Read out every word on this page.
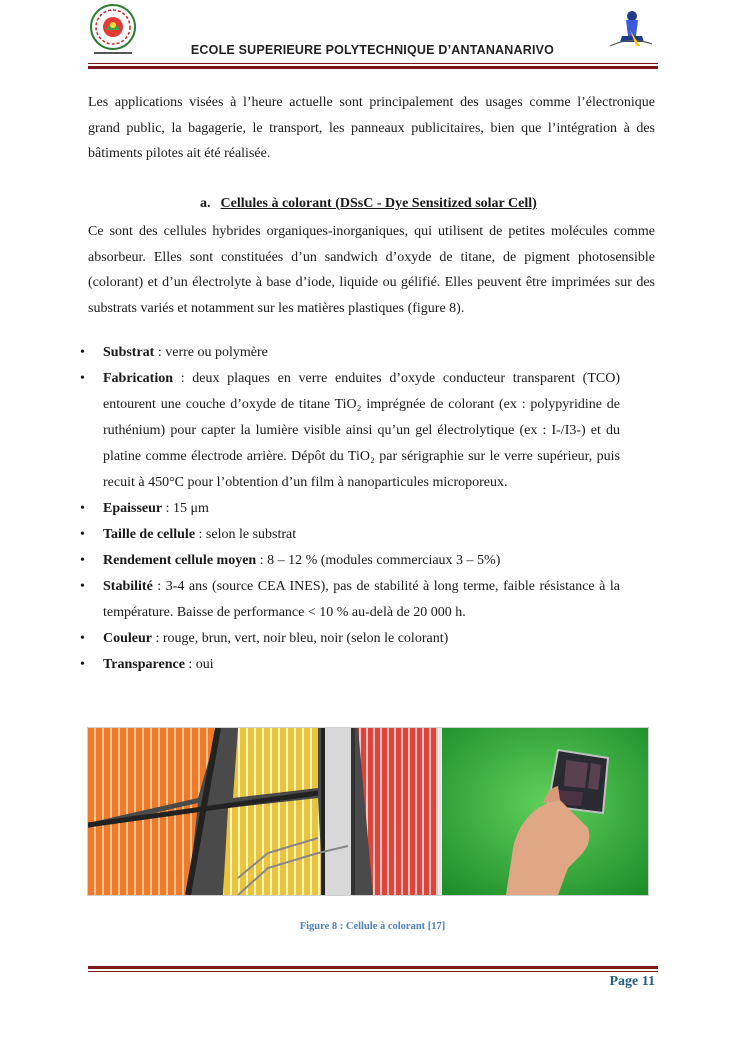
ECOLE SUPERIEURE POLYTECHNIQUE D’ANTANANARIVO

Les applications visées à l’heure actuelle sont principalement des usages comme l’électronique grand public, la bagagerie, le transport, les panneaux publicitaires, bien que l’intégration à des bâtiments pilotes ait été réalisée.

a. Cellules à colorant (DSsC - Dye Sensitized solar Cell)

Ce sont des cellules hybrides organiques-inorganiques, qui utilisent de petites molécules comme absorbeur. Elles sont constituées d’un sandwich d’oxyde de titane, de pigment photosensible (colorant) et d’un électrolyte à base d’iode, liquide ou gélifié. Elles peuvent être imprimées sur des substrats variés et notamment sur les matières plastiques (figure 8).

• Substrat : verre ou polymère
• Fabrication : deux plaques en verre enduites d’oxyde conducteur transparent (TCO) entourent une couche d’oxyde de titane TiO₂ imprégnée de colorant (ex : polypyridine de ruthénium) pour capter la lumière visible ainsi qu’un gel électrolytique (ex : I-/I3-) et du platine comme électrode arrière. Dépôt du TiO₂ par sérigraphie sur le verre supérieur, puis recuit à 450°C pour l’obtention d’un film à nanoparticules microporeux.
• Epaisseur : 15 μm
• Taille de cellule : selon le substrat
• Rendement cellule moyen : 8 – 12 % (modules commerciaux 3 – 5%)
• Stabilité : 3-4 ans (source CEA INES), pas de stabilité à long terme, faible résistance à la température. Baisse de performance < 10 % au-delà de 20 000 h.
• Couleur : rouge, brun, vert, noir bleu, noir (selon le colorant)
• Transparence : oui
Figure 8 : Cellule à colorant [17]
Page 11
